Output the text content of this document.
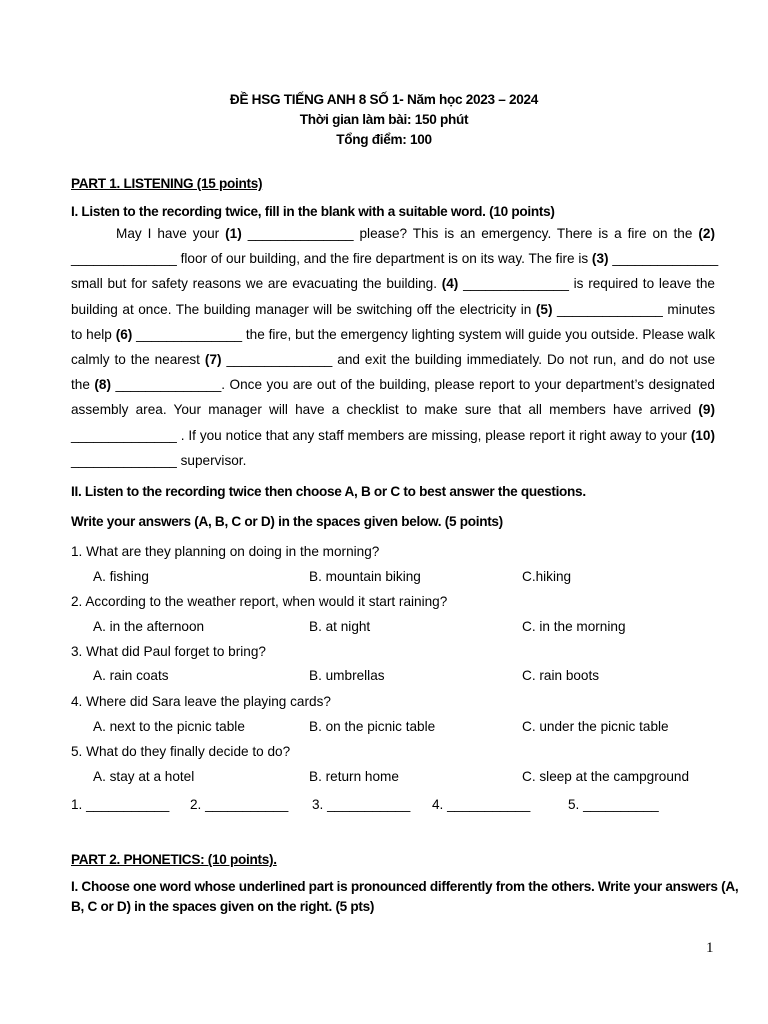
ĐỀ HSG TIẾNG ANH 8 SỐ 1- Năm học 2023 – 2024
Thời gian làm bài: 150 phút
Tổng điểm: 100
PART 1. LISTENING (15 points)
I. Listen to the recording twice, fill in the blank with a suitable word. (10 points)
May I have your (1) ______________ please? This is an emergency. There is a fire on the (2)
______________ floor of our building, and the fire department is on its way. The fire is (3) ______________
small but for safety reasons we are evacuating the building. (4) ______________ is required to leave the
building at once. The building manager will be switching off the electricity in (5) ______________ minutes
to help (6) ______________ the fire, but the emergency lighting system will guide you outside. Please walk
calmly to the nearest (7) ______________ and exit the building immediately. Do not run, and do not use
the (8) ______________. Once you are out of the building, please report to your department’s designated
assembly area. Your manager will have a checklist to make sure that all members have arrived (9)
______________ . If you notice that any staff members are missing, please report it right away to your (10)
______________ supervisor.
II. Listen to the recording twice then choose A, B or C to best answer the questions.
Write your answers (A, B, C or D) in the spaces given below. (5 points)
1. What are they planning on doing in the morning?
A. fishing	B. mountain biking	C.hiking
2. According to the weather report, when would it start raining?
A. in the afternoon	B. at night	C. in the morning
3. What did Paul forget to bring?
A. rain coats	B. umbrellas	C. rain boots
4. Where did Sara leave the playing cards?
A. next to the picnic table	B. on the picnic table	C. under the picnic table
5. What do they finally decide to do?
A. stay at a hotel	B. return home	C. sleep at the campground
1. ___________ 2. ___________ 3. ___________ 4. ___________	5. __________
PART 2. PHONETICS: (10 points).
I. Choose one word whose underlined part is pronounced differently from the others. Write your answers (A,
B, C or D) in the spaces given on the right. (5 pts)
1
